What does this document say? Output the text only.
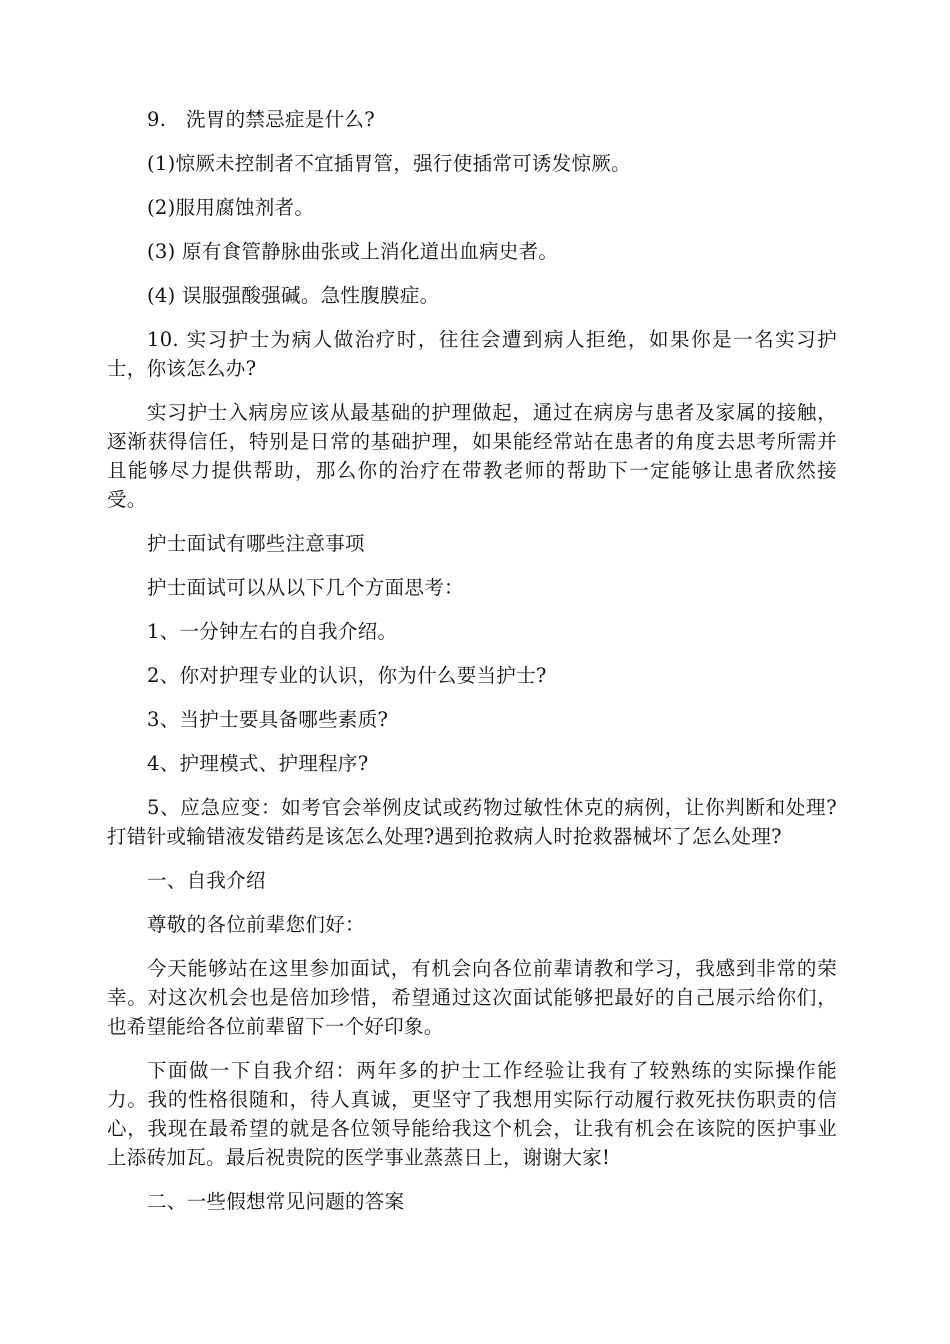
9.　洗胃的禁忌症是什么?

(1)惊厥未控制者不宜插胃管，强行使插常可诱发惊厥。

(2)服用腐蚀剂者。

(3) 原有食管静脉曲张或上消化道出血病史者。

(4) 误服强酸强碱。急性腹膜症。

10. 实习护士为病人做治疗时，往往会遭到病人拒绝，如果你是一名实习护士，你该怎么办?

实习护士入病房应该从最基础的护理做起，通过在病房与患者及家属的接触，逐渐获得信任，特别是日常的基础护理，如果能经常站在患者的角度去思考所需并且能够尽力提供帮助，那么你的治疗在带教老师的帮助下一定能够让患者欣然接受。

护士面试有哪些注意事项

护士面试可以从以下几个方面思考：

1、一分钟左右的自我介绍。

2、你对护理专业的认识，你为什么要当护士?

3、当护士要具备哪些素质?

4、护理模式、护理程序?

5、应急应变：如考官会举例皮试或药物过敏性休克的病例，让你判断和处理?打错针或输错液发错药是该怎么处理?遇到抢救病人时抢救器械坏了怎么处理?

一、自我介绍

尊敬的各位前辈您们好：

今天能够站在这里参加面试，有机会向各位前辈请教和学习，我感到非常的荣幸。对这次机会也是倍加珍惜，希望通过这次面试能够把最好的自己展示给你们，也希望能给各位前辈留下一个好印象。

下面做一下自我介绍：两年多的护士工作经验让我有了较熟练的实际操作能力。我的性格很随和，待人真诚，更坚守了我想用实际行动履行救死扶伤职责的信心，我现在最希望的就是各位领导能给我这个机会，让我有机会在该院的医护事业上添砖加瓦。最后祝贵院的医学事业蒸蒸日上，谢谢大家!

二、一些假想常见问题的答案
